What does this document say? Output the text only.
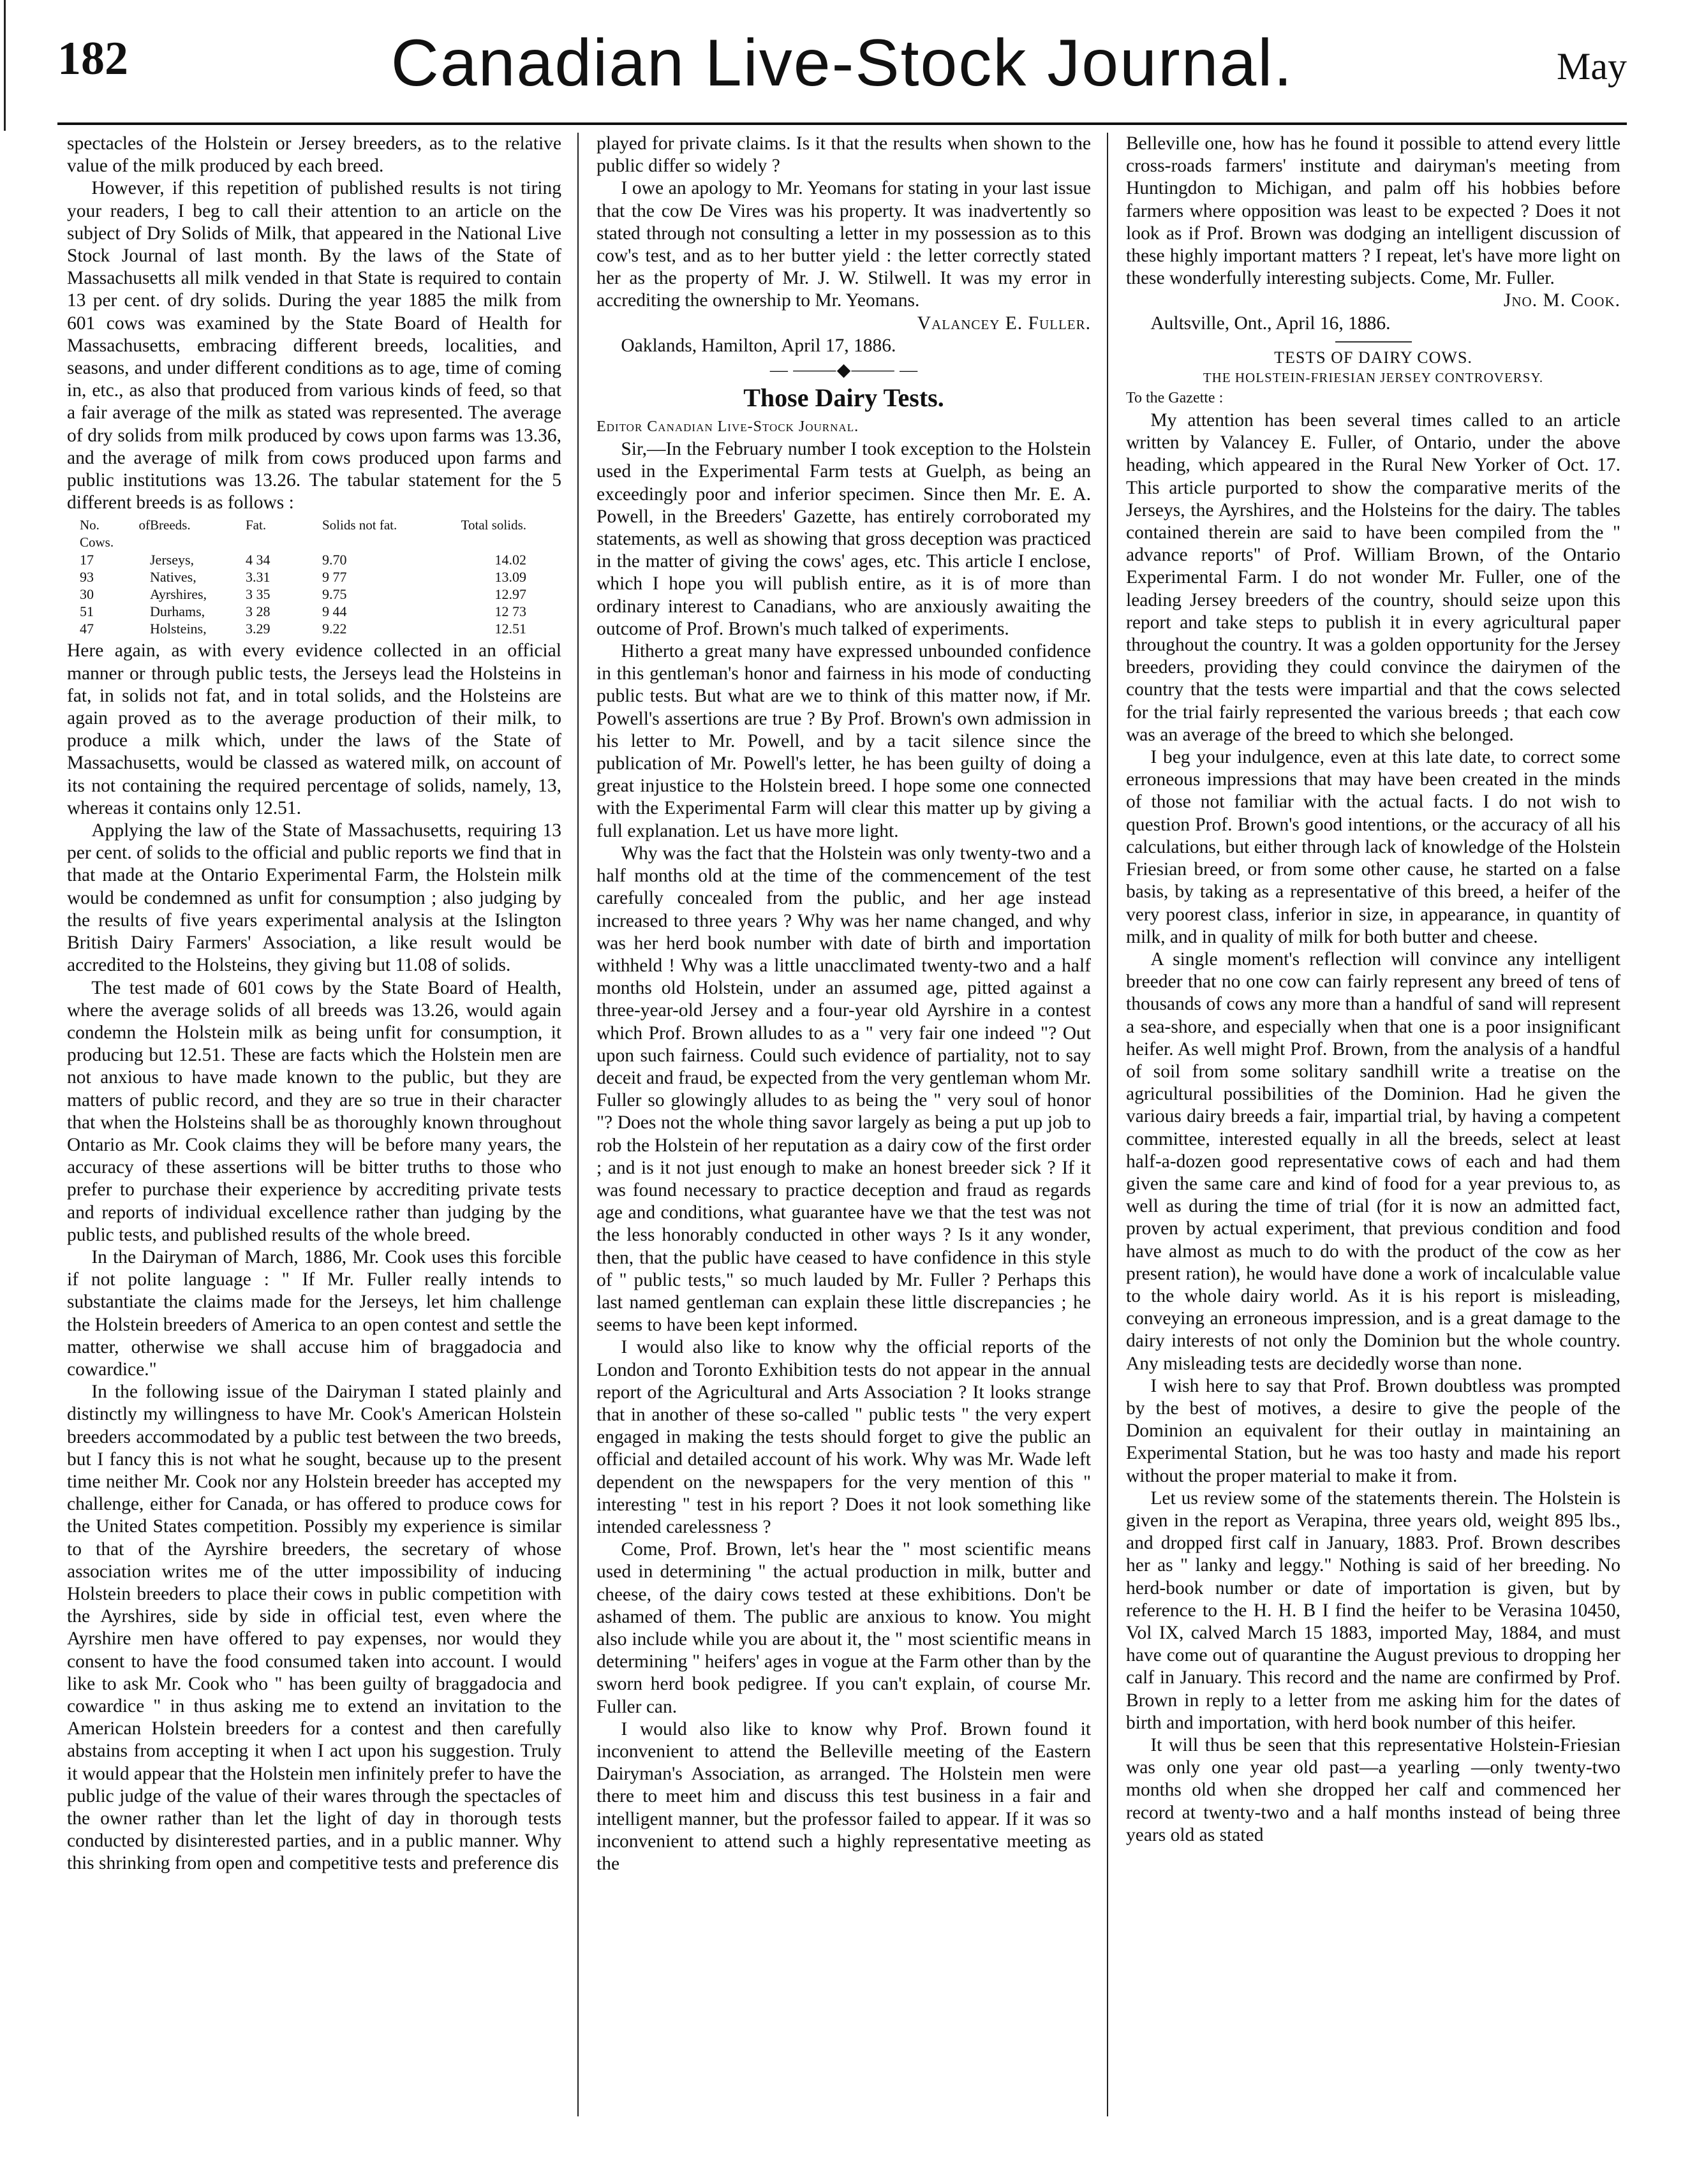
182	Canadian Live-Stock Journal.	May

spectacles of the Holstein or Jersey breeders, as to the relative value of the milk produced by each breed.

However, if this repetition of published results is not tiring your readers, I beg to call their attention to an article on the subject of Dry Solids of Milk, that appeared in the National Live Stock Journal of last month. By the laws of the State of Massachusetts all milk vended in that State is required to contain 13 per cent. of dry solids. During the year 1885 the milk from 601 cows was examined by the State Board of Health for Massachusetts, embracing different breeds, localities, and seasons, and under different conditions as to age, time of coming in, etc., as also that produced from various kinds of feed, so that a fair average of the milk as stated was represented. The average of dry solids from milk produced by cows upon farms was 13.36, and the average of milk from cows produced upon farms and public institutions was 13.26. The tabular statement for the 5 different breeds is as follows :

No. of Cows.
Breeds.	Fat.	Solids not fat.	Total solids.
17	Jerseys,	4 34	9.70	14.02
93	Natives,	3.31	9 77	13.09
30	Ayrshires,	3 35	9.75	12.97
51	Durhams,	3 28	9 44	12 73
47	Holsteins,	3.29	9.22	12.51

Here again, as with every evidence collected in an official manner or through public tests, the Jerseys lead the Holsteins in fat, in solids not fat, and in total solids, and the Holsteins are again proved as to the average production of their milk, to produce a milk which, under the laws of the State of Massachusetts, would be classed as watered milk, on account of its not containing the required percentage of solids, namely, 13, whereas it contains only 12.51.

Applying the law of the State of Massachusetts, requiring 13 per cent. of solids to the official and public reports we find that in that made at the Ontario Experimental Farm, the Holstein milk would be condemned as unfit for consumption ; also judging by the results of five years experimental analysis at the Islington British Dairy Farmers' Association, a like result would be accredited to the Holsteins, they giving but 11.08 of solids.

The test made of 601 cows by the State Board of Health, where the average solids of all breeds was 13.26, would again condemn the Holstein milk as being unfit for consumption, it producing but 12.51. These are facts which the Holstein men are not anxious to have made known to the public, but they are matters of public record, and they are so true in their character that when the Holsteins shall be as thoroughly known throughout Ontario as Mr. Cook claims they will be before many years, the accuracy of these assertions will be bitter truths to those who prefer to purchase their experience by accrediting private tests and reports of individual excellence rather than judging by the public tests, and published results of the whole breed.

In the Dairyman of March, 1886, Mr. Cook uses this forcible if not polite language : " If Mr. Fuller really intends to substantiate the claims made for the Jerseys, let him challenge the Holstein breeders of America to an open contest and settle the matter, otherwise we shall accuse him of braggadocia and cowardice."

In the following issue of the Dairyman I stated plainly and distinctly my willingness to have Mr. Cook's American Holstein breeders accommodated by a public test between the two breeds, but I fancy this is not what he sought, because up to the present time neither Mr. Cook nor any Holstein breeder has accepted my challenge, either for Canada, or has offered to produce cows for the United States competition. Possibly my experience is similar to that of the Ayrshire breeders, the secretary of whose association writes me of the utter impossibility of inducing Holstein breeders to place their cows in public competition with the Ayrshires, side by side in official test, even where the Ayrshire men have offered to pay expenses, nor would they consent to have the food consumed taken into account. I would like to ask Mr. Cook who " has been guilty of braggadocia and cowardice " in thus asking me to extend an invitation to the American Holstein breeders for a contest and then carefully abstains from accepting it when I act upon his suggestion. Truly it would appear that the Holstein men infinitely prefer to have the public judge of the value of their wares through the spectacles of the owner rather than let the light of day in thorough tests conducted by disinterested parties, and in a public manner. Why this shrinking from open and competitive tests and preference dis

played for private claims. Is it that the results when shown to the public differ so widely ?

I owe an apology to Mr. Yeomans for stating in your last issue that the cow De Vires was his property. It was inadvertently so stated through not consulting a letter in my possession as to this cow's test, and as to her butter yield : the letter correctly stated her as the property of Mr. J. W. Stilwell. It was my error in accrediting the ownership to Mr. Yeomans.

Valancey E. Fuller.
Oaklands, Hamilton, April 17, 1886.
— ⸻◆⸻ —
Those Dairy Tests.
Editor Canadian Live-Stock Journal.

Sir,—In the February number I took exception to the Holstein used in the Experimental Farm tests at Guelph, as being an exceedingly poor and inferior specimen. Since then Mr. E. A. Powell, in the Breeders' Gazette, has entirely corroborated my statements, as well as showing that gross deception was practiced in the matter of giving the cows' ages, etc. This article I enclose, which I hope you will publish entire, as it is of more than ordinary interest to Canadians, who are anxiously awaiting the outcome of Prof. Brown's much talked of experiments.

Hitherto a great many have expressed unbounded confidence in this gentleman's honor and fairness in his mode of conducting public tests. But what are we to think of this matter now, if Mr. Powell's assertions are true ? By Prof. Brown's own admission in his letter to Mr. Powell, and by a tacit silence since the publication of Mr. Powell's letter, he has been guilty of doing a great injustice to the Holstein breed. I hope some one connected with the Experimental Farm will clear this matter up by giving a full explanation. Let us have more light.

Why was the fact that the Holstein was only twenty-two and a half months old at the time of the commencement of the test carefully concealed from the public, and her age instead increased to three years ? Why was her name changed, and why was her herd book number with date of birth and importation withheld ! Why was a little unacclimated twenty-two and a half months old Holstein, under an assumed age, pitted against a three-year-old Jersey and a four-year old Ayrshire in a contest which Prof. Brown alludes to as a " very fair one indeed "? Out upon such fairness. Could such evidence of partiality, not to say deceit and fraud, be expected from the very gentleman whom Mr. Fuller so glowingly alludes to as being the " very soul of honor "? Does not the whole thing savor largely as being a put up job to rob the Holstein of her reputation as a dairy cow of the first order ; and is it not just enough to make an honest breeder sick ? If it was found necessary to practice deception and fraud as regards age and conditions, what guarantee have we that the test was not the less honorably conducted in other ways ? Is it any wonder, then, that the public have ceased to have confidence in this style of " public tests," so much lauded by Mr. Fuller ? Perhaps this last named gentleman can explain these little discrepancies ; he seems to have been kept informed.

I would also like to know why the official reports of the London and Toronto Exhibition tests do not appear in the annual report of the Agricultural and Arts Association ? It looks strange that in another of these so-called " public tests " the very expert engaged in making the tests should forget to give the public an official and detailed account of his work. Why was Mr. Wade left dependent on the newspapers for the very mention of this " interesting " test in his report ? Does it not look something like intended carelessness ?

Come, Prof. Brown, let's hear the " most scientific means used in determining " the actual production in milk, butter and cheese, of the dairy cows tested at these exhibitions. Don't be ashamed of them. The public are anxious to know. You might also include while you are about it, the " most scientific means in determining " heifers' ages in vogue at the Farm other than by the sworn herd book pedigree. If you can't explain, of course Mr. Fuller can.

I would also like to know why Prof. Brown found it inconvenient to attend the Belleville meeting of the Eastern Dairyman's Association, as arranged. The Holstein men were there to meet him and discuss this test business in a fair and intelligent manner, but the professor failed to appear. If it was so inconvenient to attend such a highly representative meeting as the

Belleville one, how has he found it possible to attend every little cross-roads farmers' institute and dairyman's meeting from Huntingdon to Michigan, and palm off his hobbies before farmers where opposition was least to be expected ? Does it not look as if Prof. Brown was dodging an intelligent discussion of these highly important matters ? I repeat, let's have more light on these wonderfully interesting subjects. Come, Mr. Fuller.

Jno. M. Cook.
Aultsville, Ont., April 16, 1886.
TESTS OF DAIRY COWS.
THE HOLSTEIN-FRIESIAN JERSEY CONTROVERSY.
To the Gazette :

My attention has been several times called to an article written by Valancey E. Fuller, of Ontario, under the above heading, which appeared in the Rural New Yorker of Oct. 17. This article purported to show the comparative merits of the Jerseys, the Ayrshires, and the Holsteins for the dairy. The tables contained therein are said to have been compiled from the " advance reports" of Prof. William Brown, of the Ontario Experimental Farm. I do not wonder Mr. Fuller, one of the leading Jersey breeders of the country, should seize upon this report and take steps to publish it in every agricultural paper throughout the country. It was a golden opportunity for the Jersey breeders, providing they could convince the dairymen of the country that the tests were impartial and that the cows selected for the trial fairly represented the various breeds ; that each cow was an average of the breed to which she belonged.

I beg your indulgence, even at this late date, to correct some erroneous impressions that may have been created in the minds of those not familiar with the actual facts. I do not wish to question Prof. Brown's good intentions, or the accuracy of all his calculations, but either through lack of knowledge of the Holstein Friesian breed, or from some other cause, he started on a false basis, by taking as a representative of this breed, a heifer of the very poorest class, inferior in size, in appearance, in quantity of milk, and in quality of milk for both butter and cheese.

A single moment's reflection will convince any intelligent breeder that no one cow can fairly represent any breed of tens of thousands of cows any more than a handful of sand will represent a sea-shore, and especially when that one is a poor insignificant heifer. As well might Prof. Brown, from the analysis of a handful of soil from some solitary sandhill write a treatise on the agricultural possibilities of the Dominion. Had he given the various dairy breeds a fair, impartial trial, by having a competent committee, interested equally in all the breeds, select at least half-a-dozen good representative cows of each and had them given the same care and kind of food for a year previous to, as well as during the time of trial (for it is now an admitted fact, proven by actual experiment, that previous condition and food have almost as much to do with the product of the cow as her present ration), he would have done a work of incalculable value to the whole dairy world. As it is his report is misleading, conveying an erroneous impression, and is a great damage to the dairy interests of not only the Dominion but the whole country. Any misleading tests are decidedly worse than none.

I wish here to say that Prof. Brown doubtless was prompted by the best of motives, a desire to give the people of the Dominion an equivalent for their outlay in maintaining an Experimental Station, but he was too hasty and made his report without the proper material to make it from.

Let us review some of the statements therein. The Holstein is given in the report as Verapina, three years old, weight 895 lbs., and dropped first calf in January, 1883. Prof. Brown describes her as " lanky and leggy." Nothing is said of her breeding. No herd-book number or date of importation is given, but by reference to the H. H. B I find the heifer to be Verasina 10450, Vol IX, calved March 15 1883, imported May, 1884, and must have come out of quarantine the August previous to dropping her calf in January. This record and the name are confirmed by Prof. Brown in reply to a letter from me asking him for the dates of birth and importation, with herd book number of this heifer.

It will thus be seen that this representative Holstein-Friesian was only one year old past—a yearling —only twenty-two months old when she dropped her calf and commenced her record at twenty-two and a half months instead of being three years old as stated
